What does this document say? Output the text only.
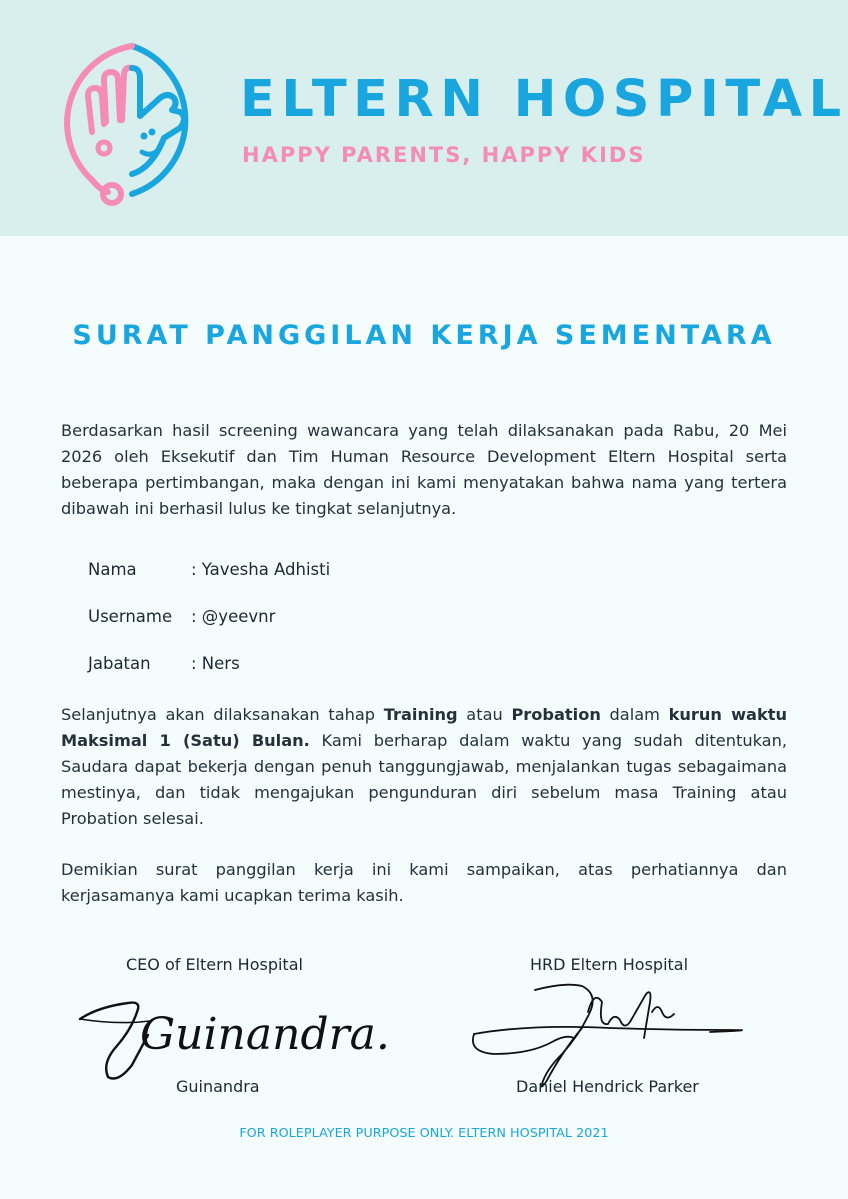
ELTERN HOSPITAL
HAPPY PARENTS, HAPPY KIDS
SURAT PANGGILAN KERJA SEMENTARA

Berdasarkan hasil screening wawancara yang telah dilaksanakan pada Rabu, 20 Mei 2026 oleh Eksekutif dan Tim Human Resource Development Eltern Hospital serta beberapa pertimbangan, maka dengan ini kami menyatakan bahwa nama yang tertera dibawah ini berhasil lulus ke tingkat selanjutnya.

Nama	: Yavesha Adhisti
Username : @yeevnr
Jabatan : Ners

Selanjutnya akan dilaksanakan tahap Training atau Probation dalam kurun waktu Maksimal 1 (Satu) Bulan. Kami berharap dalam waktu yang sudah ditentukan, Saudara dapat bekerja dengan penuh tanggungjawab, menjalankan tugas sebagaimana mestinya, dan tidak mengajukan pengunduran diri sebelum masa Training atau Probation selesai.

Demikian surat panggilan kerja ini kami sampaikan, atas perhatiannya dan kerjasamanya kami ucapkan terima kasih.

CEO of Eltern Hospital	HRD Eltern Hospital
Guinandra.
Guinandra	Daniel Hendrick Parker
FOR ROLEPLAYER PURPOSE ONLY. ELTERN HOSPITAL 2021
